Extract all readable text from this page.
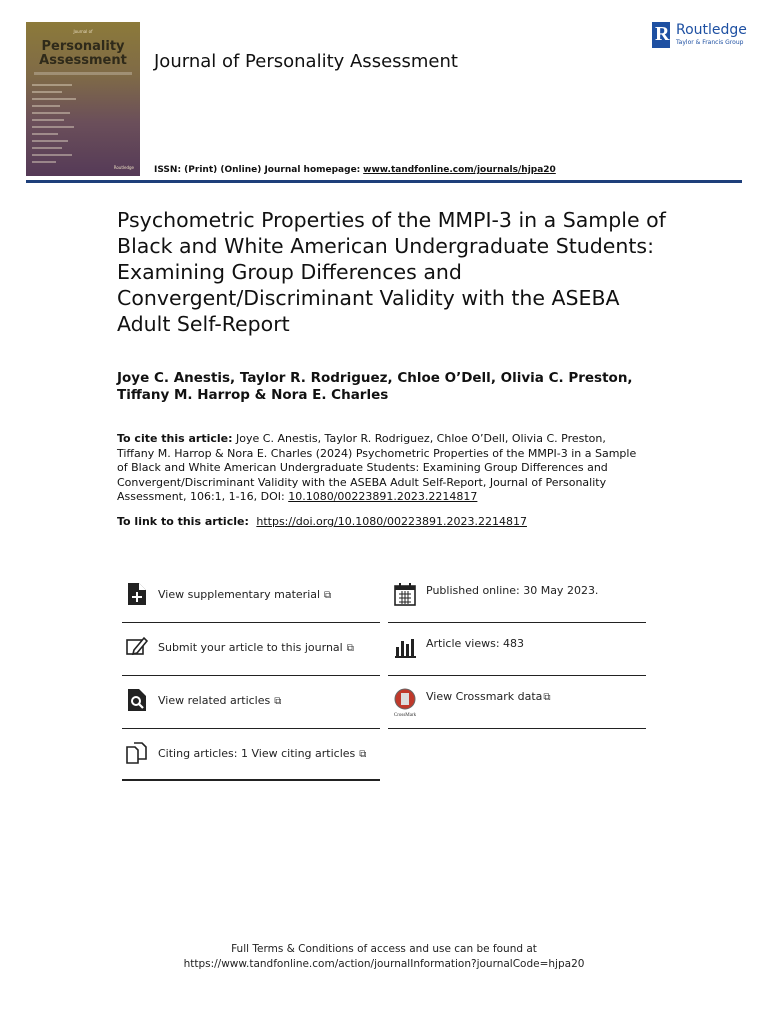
Journal of
Personality
Assessment
Routledge
Journal of Personality Assessment
ISSN: (Print) (Online) Journal homepage: www.tandfonline.com/journals/hjpa20
R Routledge
Taylor & Francis Group
Psychometric Properties of the MMPI-3 in a Sample of Black and White American Undergraduate Students: Examining Group Differences and Convergent/Discriminant Validity with the ASEBA Adult Self-Report
Joye C. Anestis, Taylor R. Rodriguez, Chloe O’Dell, Olivia C. Preston, Tiffany M. Harrop & Nora E. Charles
To cite this article: Joye C. Anestis, Taylor R. Rodriguez, Chloe O’Dell, Olivia C. Preston, Tiffany M. Harrop & Nora E. Charles (2024) Psychometric Properties of the MMPI-3 in a Sample of Black and White American Undergraduate Students: Examining Group Differences and Convergent/Discriminant Validity with the ASEBA Adult Self-Report, Journal of Personality Assessment, 106:1, 1-16, DOI: 10.1080/00223891.2023.2214817
To link to this article: https://doi.org/10.1080/00223891.2023.2214817
View supplementary material ⧉
Submit your article to this journal ⧉
View related articles ⧉
Citing articles: 1 View citing articles ⧉
Published online: 30 May 2023.
Article views: 483
CrossMark
View Crossmark data⧉
Full Terms & Conditions of access and use can be found at
https://www.tandfonline.com/action/journalInformation?journalCode=hjpa20
